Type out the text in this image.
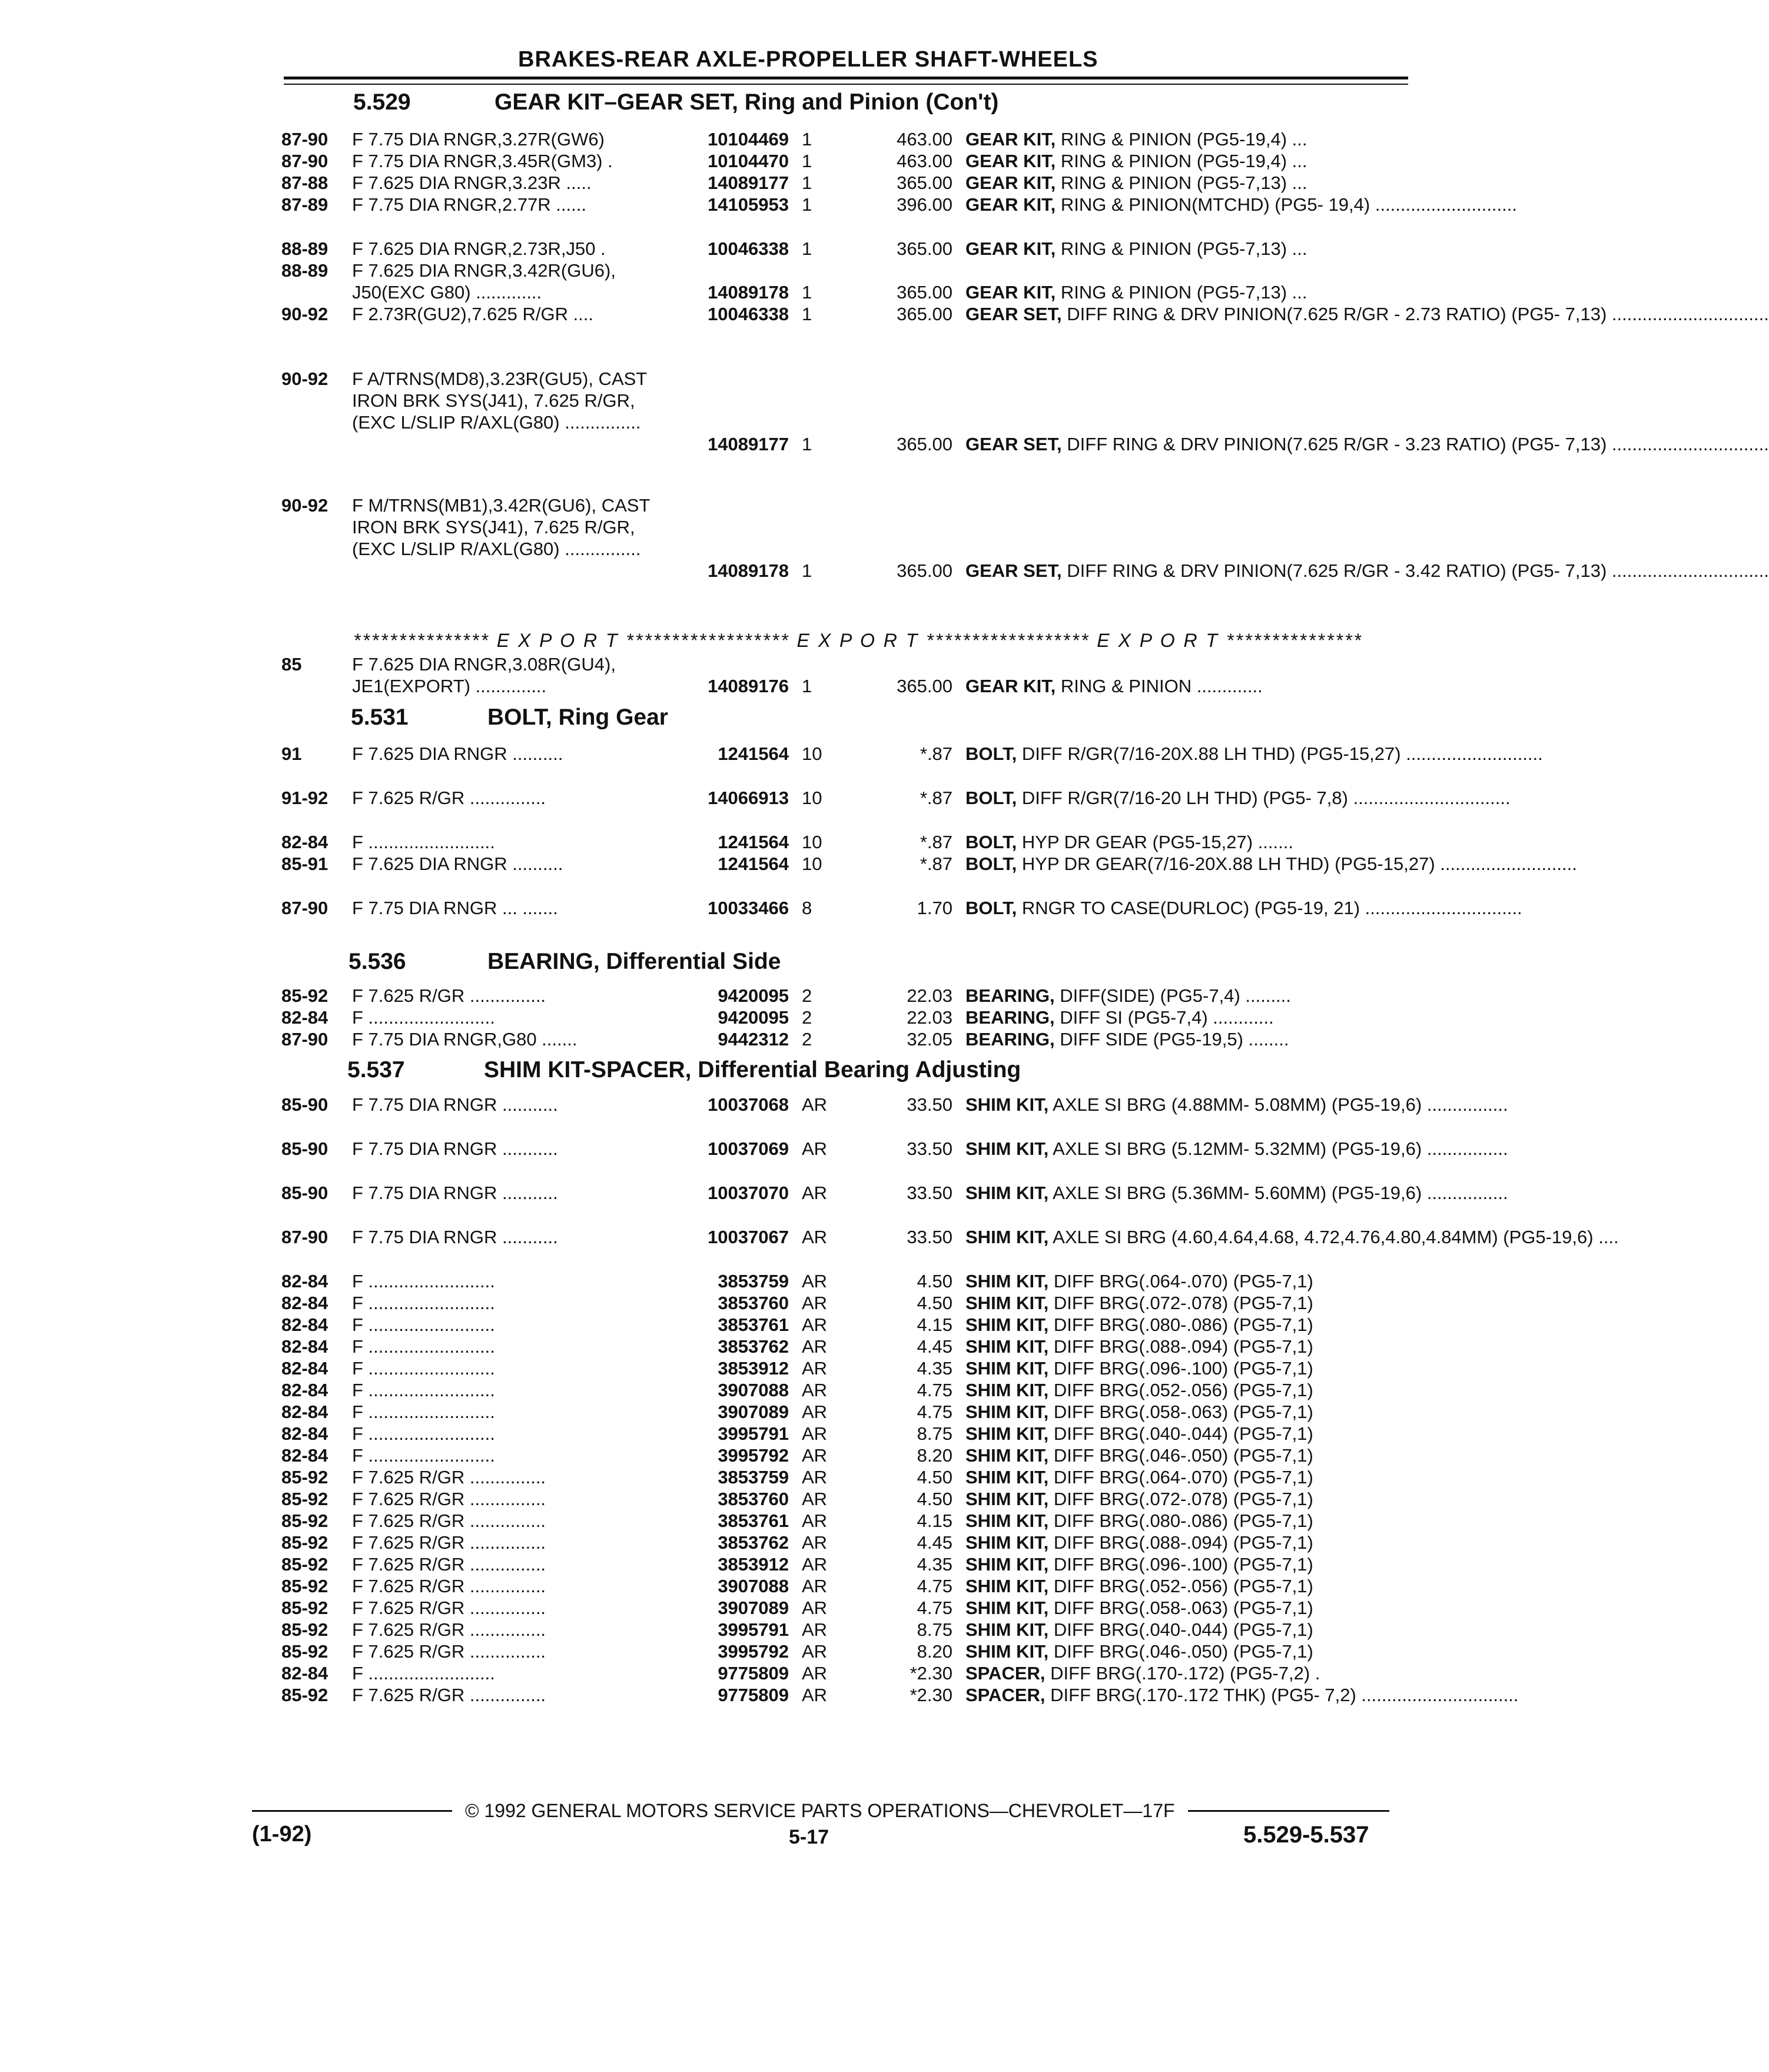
BRAKES-REAR AXLE-PROPELLER SHAFT-WHEELS
5.529	GEAR KIT–GEAR SET, Ring and Pinion (Con't)
87-90	F 7.75 DIA RNGR,3.27R(GW6)	10104469 1	463.00 GEAR KIT, RING & PINION (PG5-19,4) ...
87-90	F 7.75 DIA RNGR,3.45R(GM3) .	10104470 1	463.00 GEAR KIT, RING & PINION (PG5-19,4) ...
87-88	F 7.625 DIA RNGR,3.23R .....	14089177 1	365.00 GEAR KIT, RING & PINION (PG5-7,13) ...
87-89	F 7.75 DIA RNGR,2.77R ......	14105953 1	396.00 GEAR KIT, RING & PINION(MTCHD) (PG5- 19,4) ............................
88-89	F 7.625 DIA RNGR,2.73R,J50 .	10046338 1	365.00 GEAR KIT, RING & PINION (PG5-7,13) ...
88-89	F 7.625 DIA RNGR,3.42R(GU6), J50(EXC G80) .............	14089178 1	365.00 GEAR KIT, RING & PINION (PG5-7,13) ...
90-92	F 2.73R(GU2),7.625 R/GR ....	10046338 1	365.00 GEAR SET, DIFF RING & DRV PINION(7.625 R/GR - 2.73 RATIO) (PG5- 7,13) ...............................
90-92	F A/TRNS(MD8),3.23R(GU5), CAST IRON BRK SYS(J41), 7.625 R/GR,(EXC L/SLIP R/AXL(G80) ...............
14089177 1	365.00 GEAR SET, DIFF RING & DRV PINION(7.625 R/GR - 3.23 RATIO) (PG5- 7,13) ...............................
90-92	F M/TRNS(MB1),3.42R(GU6), CAST IRON BRK SYS(J41), 7.625 R/GR,(EXC L/SLIP R/AXL(G80) ...............
14089178 1	365.00 GEAR SET, DIFF RING & DRV PINION(7.625 R/GR - 3.42 RATIO) (PG5- 7,13) ...............................
*************** E X P O R T ****************** E X P O R T ****************** E X P O R T ***************
85	F 7.625 DIA RNGR,3.08R(GU4), JE1(EXPORT) ..............	14089176 1	365.00 GEAR KIT, RING & PINION .............
5.531	BOLT, Ring Gear
91	F 7.625 DIA RNGR ..........	1241564 10	*.87 BOLT, DIFF R/GR(7/16-20X.88 LH THD) (PG5-15,27) ...........................
91-92	F 7.625 R/GR ...............	14066913 10	*.87 BOLT, DIFF R/GR(7/16-20 LH THD) (PG5- 7,8) ...............................
82-84	F .........................	1241564 10	*.87 BOLT, HYP DR GEAR (PG5-15,27) .......
85-91	F 7.625 DIA RNGR ..........	1241564 10	*.87 BOLT, HYP DR GEAR(7/16-20X.88 LH THD) (PG5-15,27) ...........................
87-90	F 7.75 DIA RNGR ... .......	10033466 8	1.70 BOLT, RNGR TO CASE(DURLOC) (PG5-19, 21) ...............................
5.536	BEARING, Differential Side
85-92	F 7.625 R/GR ...............	9420095 2	22.03 BEARING, DIFF(SIDE) (PG5-7,4) .........
82-84	F .........................	9420095 2	22.03 BEARING, DIFF SI (PG5-7,4) ............
87-90	F 7.75 DIA RNGR,G80 .......	9442312 2	32.05 BEARING, DIFF SIDE (PG5-19,5) ........
5.537	SHIM KIT-SPACER, Differential Bearing Adjusting
85-90	F 7.75 DIA RNGR ...........	10037068 AR	33.50 SHIM KIT, AXLE SI BRG (4.88MM- 5.08MM) (PG5-19,6) ................
85-90	F 7.75 DIA RNGR ...........	10037069 AR	33.50 SHIM KIT, AXLE SI BRG (5.12MM- 5.32MM) (PG5-19,6) ................
85-90	F 7.75 DIA RNGR ...........	10037070 AR	33.50 SHIM KIT, AXLE SI BRG (5.36MM- 5.60MM) (PG5-19,6) ................
87-90	F 7.75 DIA RNGR ...........	10037067 AR	33.50 SHIM KIT, AXLE SI BRG (4.60,4.64,4.68, 4.72,4.76,4.80,4.84MM) (PG5-19,6) ....
82-84	F .........................	3853759 AR	4.50 SHIM KIT, DIFF BRG(.064-.070) (PG5-7,1)
82-84	F .........................	3853760 AR	4.50 SHIM KIT, DIFF BRG(.072-.078) (PG5-7,1)
82-84	F .........................	3853761 AR	4.15 SHIM KIT, DIFF BRG(.080-.086) (PG5-7,1)
82-84	F .........................	3853762 AR	4.45 SHIM KIT, DIFF BRG(.088-.094) (PG5-7,1)
82-84	F .........................	3853912 AR	4.35 SHIM KIT, DIFF BRG(.096-.100) (PG5-7,1)
82-84	F .........................	3907088 AR	4.75 SHIM KIT, DIFF BRG(.052-.056) (PG5-7,1)
82-84	F .........................	3907089 AR	4.75 SHIM KIT, DIFF BRG(.058-.063) (PG5-7,1)
82-84	F .........................	3995791 AR	8.75 SHIM KIT, DIFF BRG(.040-.044) (PG5-7,1)
82-84	F .........................	3995792 AR	8.20 SHIM KIT, DIFF BRG(.046-.050) (PG5-7,1)
85-92	F 7.625 R/GR ...............	3853759 AR	4.50 SHIM KIT, DIFF BRG(.064-.070) (PG5-7,1)
85-92	F 7.625 R/GR ...............	3853760 AR	4.50 SHIM KIT, DIFF BRG(.072-.078) (PG5-7,1)
85-92	F 7.625 R/GR ...............	3853761 AR	4.15 SHIM KIT, DIFF BRG(.080-.086) (PG5-7,1)
85-92	F 7.625 R/GR ...............	3853762 AR	4.45 SHIM KIT, DIFF BRG(.088-.094) (PG5-7,1)
85-92	F 7.625 R/GR ...............	3853912 AR	4.35 SHIM KIT, DIFF BRG(.096-.100) (PG5-7,1)
85-92	F 7.625 R/GR ...............	3907088 AR	4.75 SHIM KIT, DIFF BRG(.052-.056) (PG5-7,1)
85-92	F 7.625 R/GR ...............	3907089 AR	4.75 SHIM KIT, DIFF BRG(.058-.063) (PG5-7,1)
85-92	F 7.625 R/GR ...............	3995791 AR	8.75 SHIM KIT, DIFF BRG(.040-.044) (PG5-7,1)
85-92	F 7.625 R/GR ...............	3995792 AR	8.20 SHIM KIT, DIFF BRG(.046-.050) (PG5-7,1)
82-84	F .........................	9775809 AR	*2.30 SPACER, DIFF BRG(.170-.172) (PG5-7,2) .
85-92	F 7.625 R/GR ...............	9775809 AR	*2.30 SPACER, DIFF BRG(.170-.172 THK) (PG5- 7,2) ...............................
© 1992 GENERAL MOTORS SERVICE PARTS OPERATIONS—CHEVROLET—17F
(1-92)	5-17	5.529-5.537
